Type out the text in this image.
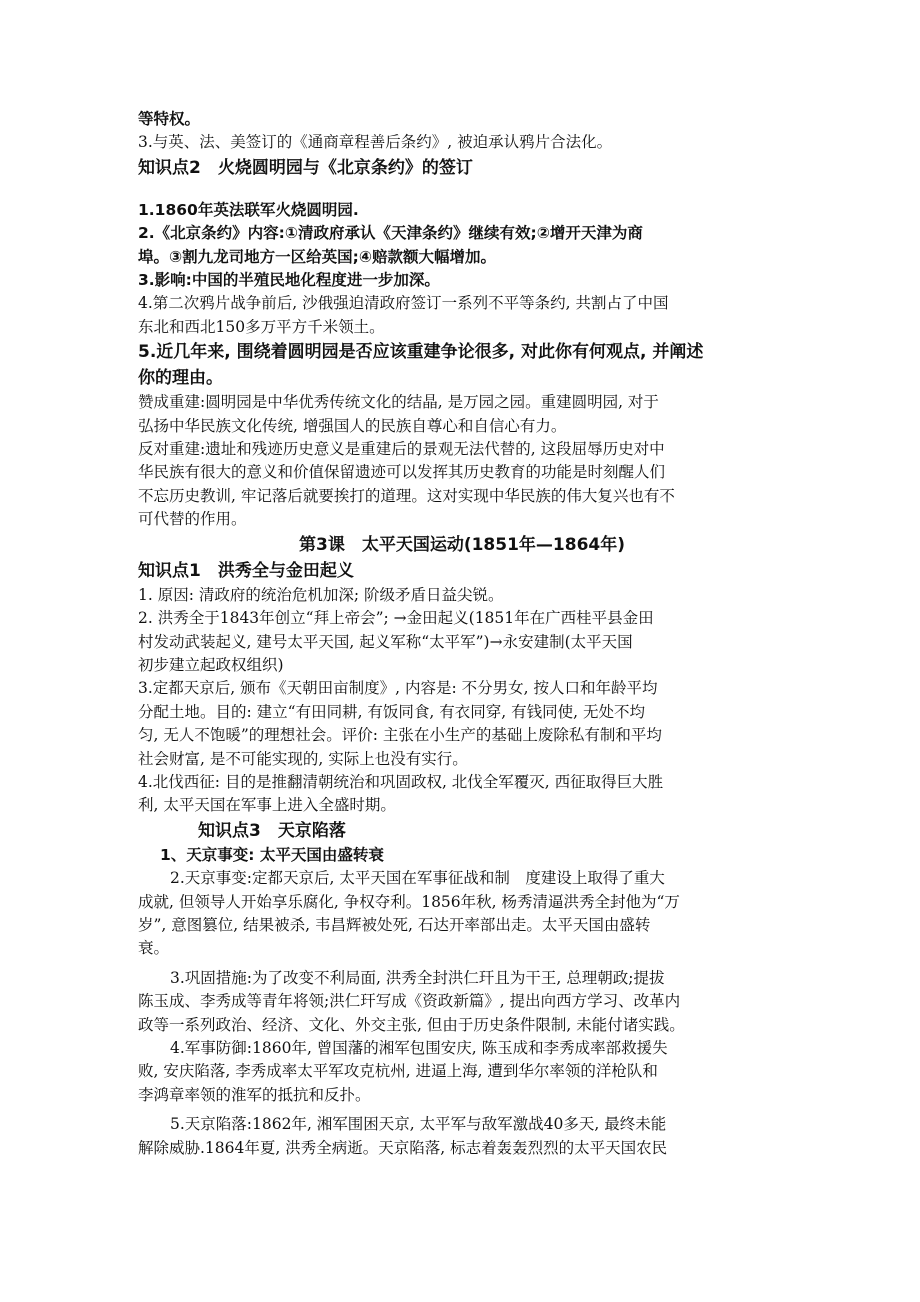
等特权。
3.与英、法、美签订的《通商章程善后条约》, 被迫承认鸦片合法化。
知识点2　火烧圆明园与《北京条约》的签订
1.1860年英法联军火烧圆明园.
2.《北京条约》内容:①清政府承认《天津条约》继续有效;②增开天津为商
埠。③割九龙司地方一区给英国;④赔款额大幅增加。
3.影响:中国的半殖民地化程度进一步加深。
4.第二次鸦片战争前后, 沙俄强迫清政府签订一系列不平等条约, 共割占了中国
东北和西北150多万平方千米领土。
5.近几年来, 围绕着圆明园是否应该重建争论很多, 对此你有何观点, 并阐述
你的理由。
赞成重建:圆明园是中华优秀传统文化的结晶, 是万园之园。重建圆明园, 对于
弘扬中华民族文化传统, 增强国人的民族自尊心和自信心有力。
反对重建:遗址和残迹历史意义是重建后的景观无法代替的, 这段屈辱历史对中
华民族有很大的意义和价值保留遗迹可以发挥其历史教育的功能是时刻醒人们
不忘历史教训, 牢记落后就要挨打的道理。这对实现中华民族的伟大复兴也有不
可代替的作用。
第3课　太平天国运动(1851年—1864年)
知识点1　洪秀全与金田起义
1. 原因: 清政府的统治危机加深; 阶级矛盾日益尖锐。
2. 洪秀全于1843年创立“拜上帝会”; →金田起义(1851年在广西桂平县金田
村发动武装起义, 建号太平天国, 起义军称“太平军”)→永安建制(太平天国
初步建立起政权组织)
3.定都天京后, 颁布《天朝田亩制度》, 内容是: 不分男女, 按人口和年龄平均
分配土地。目的: 建立“有田同耕, 有饭同食, 有衣同穿, 有钱同使, 无处不均
匀, 无人不饱暖”的理想社会。评价: 主张在小生产的基础上废除私有制和平均
社会财富, 是不可能实现的, 实际上也没有实行。
4.北伐西征: 目的是推翻清朝统治和巩固政权, 北伐全军覆灭, 西征取得巨大胜
利, 太平天国在军事上进入全盛时期。
知识点3　天京陷落
1、天京事变: 太平天国由盛转衰
2.天京事变:定都天京后, 太平天国在军事征战和制　度建设上取得了重大
成就, 但领导人开始享乐腐化, 争权夺利。1856年秋, 杨秀清逼洪秀全封他为“万
岁”, 意图篡位, 结果被杀, 韦昌辉被处死, 石达开率部出走。太平天国由盛转
衰。
3.巩固措施:为了改变不利局面, 洪秀全封洪仁玕且为干王, 总理朝政;提拔
陈玉成、李秀成等青年将领;洪仁玕写成《资政新篇》, 提出向西方学习、改革内
政等一系列政治、经济、文化、外交主张, 但由于历史条件限制, 未能付诸实践。
4.军事防御:1860年, 曾国藩的湘军包围安庆, 陈玉成和李秀成率部救援失
败, 安庆陷落, 李秀成率太平军攻克杭州, 进逼上海, 遭到华尔率领的洋枪队和
李鸿章率领的淮军的抵抗和反扑。
5.天京陷落:1862年, 湘军围困天京, 太平军与敌军激战40多天, 最终未能
解除威胁.1864年夏, 洪秀全病逝。天京陷落, 标志着轰轰烈烈的太平天国农民
